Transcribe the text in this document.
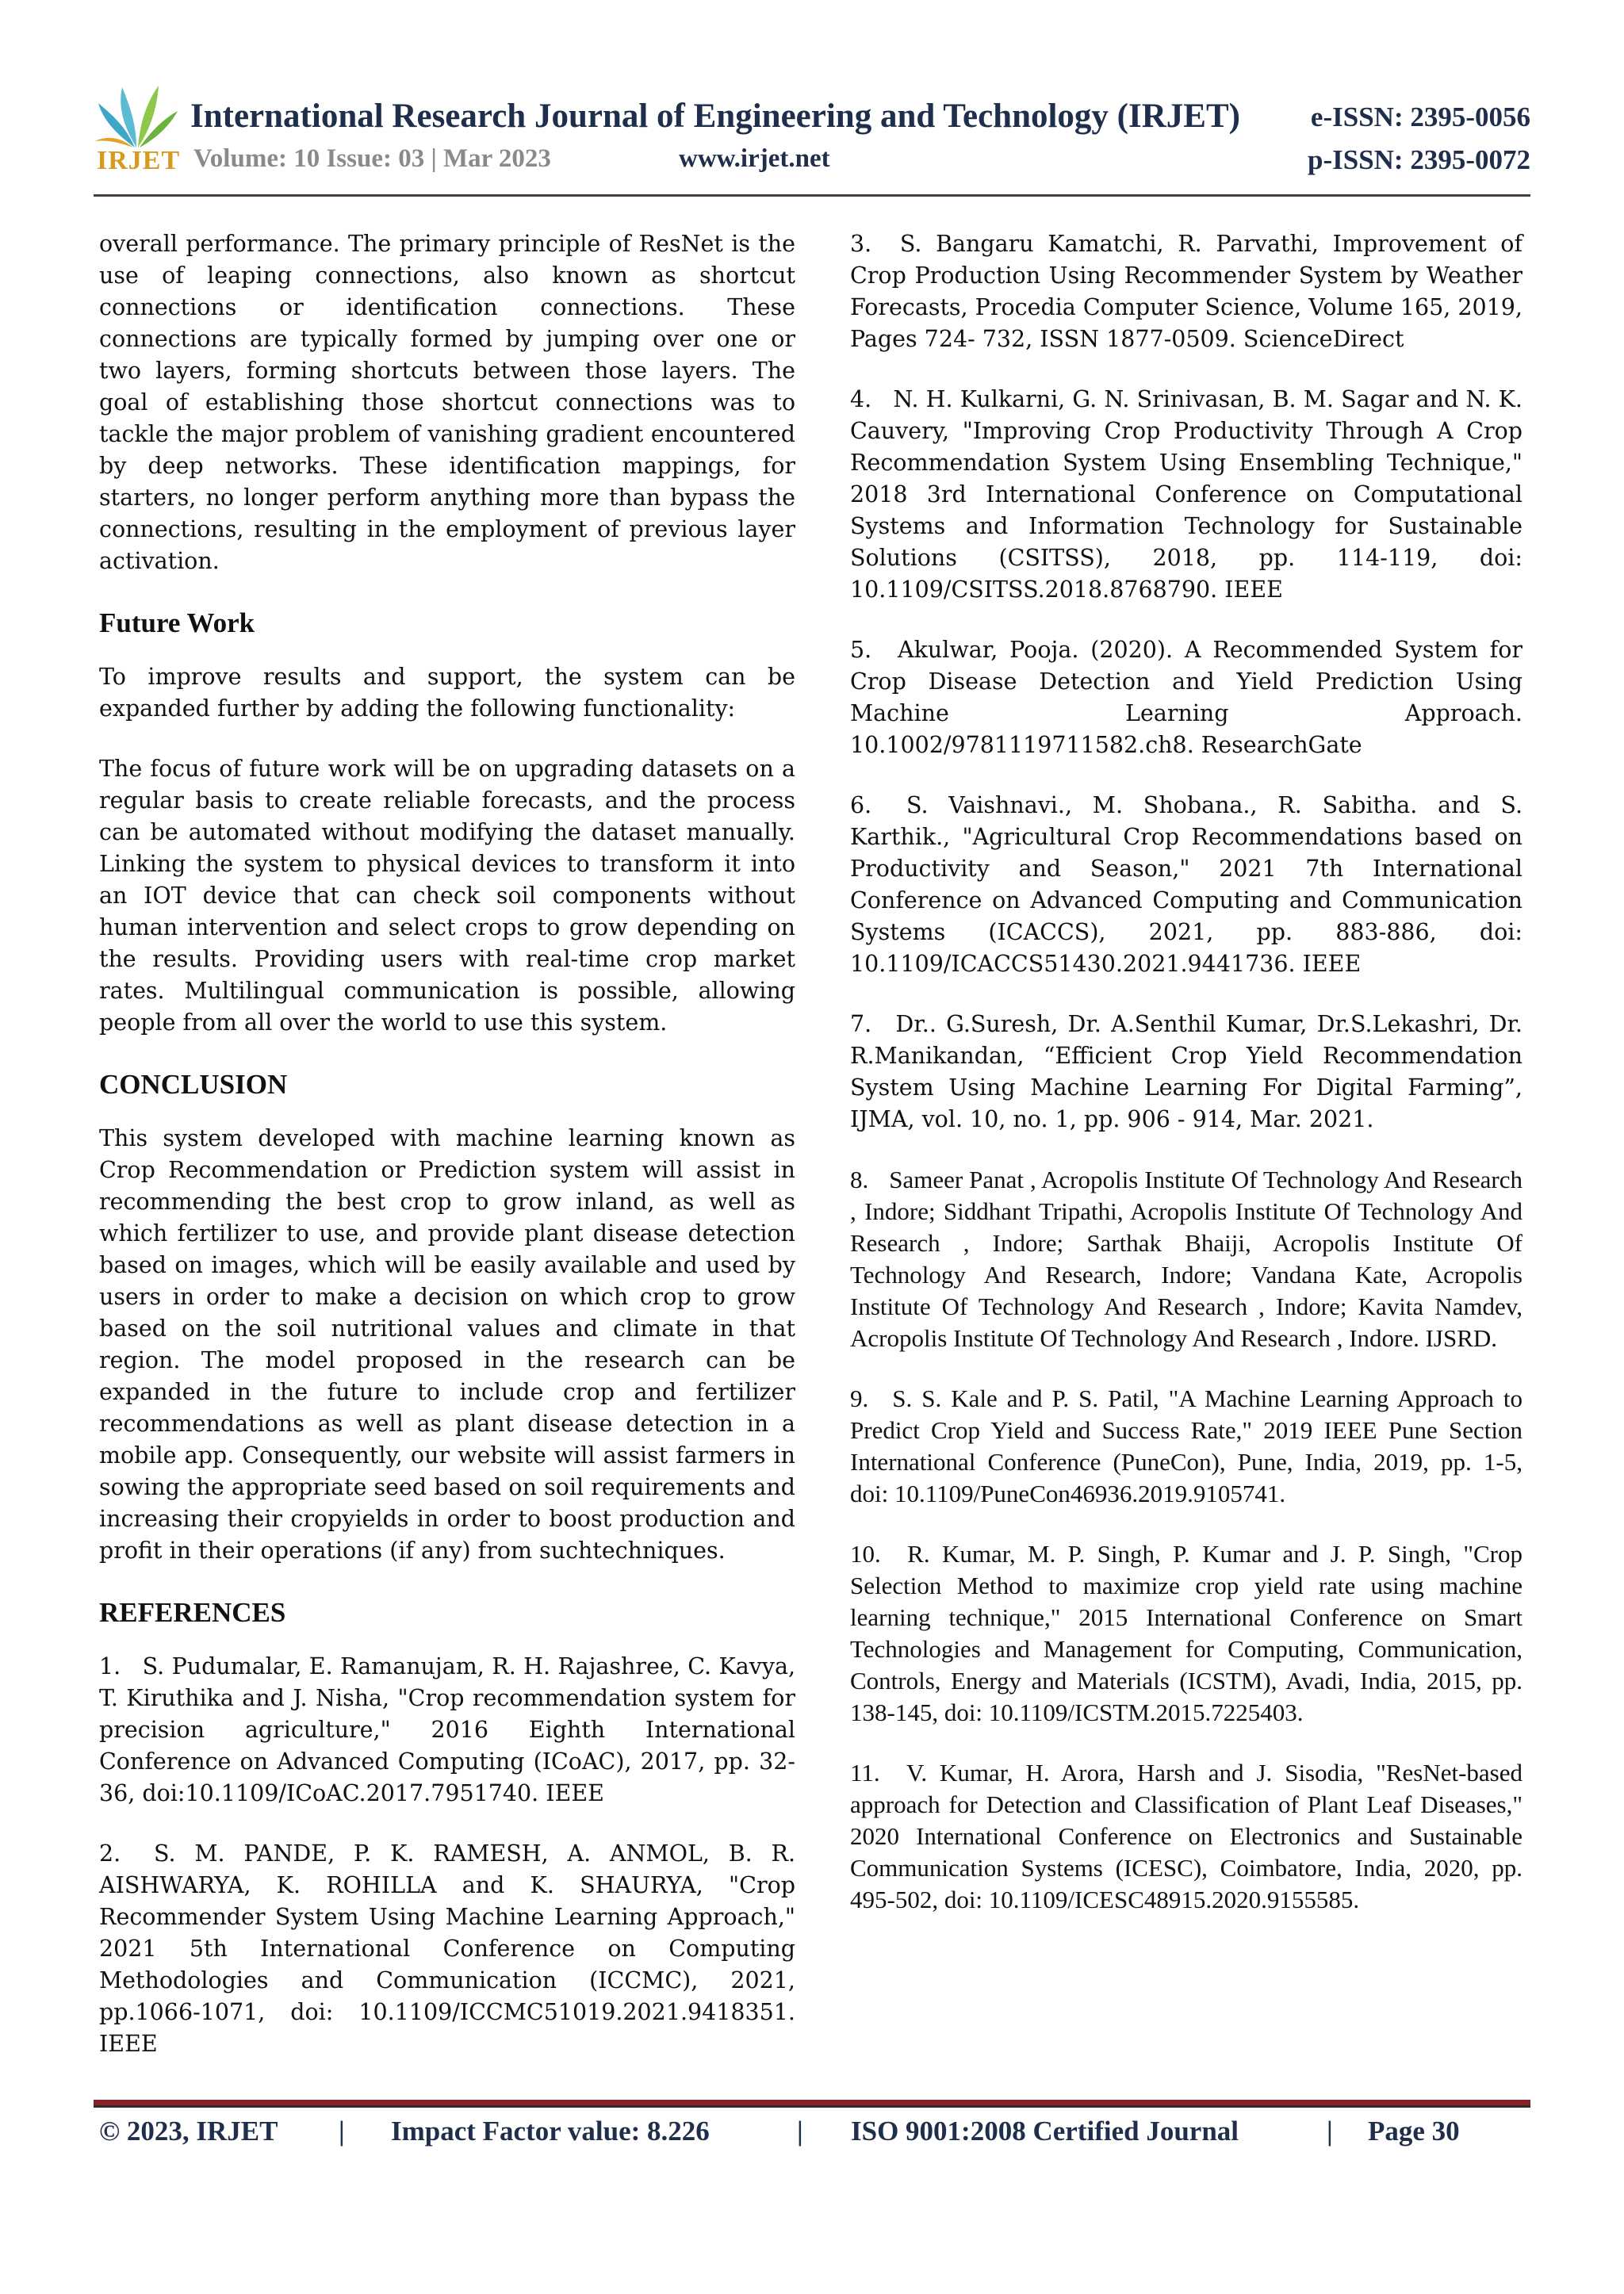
IRJET
International Research Journal of Engineering and Technology (IRJET)
Volume: 10 Issue: 03 | Mar 2023	www.irjet.net
e-ISSN: 2395-0056
p-ISSN: 2395-0072

overall performance. The primary principle of ResNet is the use of leaping connections, also known as shortcut connections or identification connections. These connections are typically formed by jumping over one or two layers, forming shortcuts between those layers. The goal of establishing those shortcut connections was to tackle the major problem of vanishing gradient encountered by deep networks. These identification mappings, for starters, no longer perform anything more than bypass the connections, resulting in the employment of previous layer activation.

Future Work

To improve results and support, the system can be expanded further by adding the following functionality:

The focus of future work will be on upgrading datasets on a regular basis to create reliable forecasts, and the process can be automated without modifying the dataset manually. Linking the system to physical devices to transform it into an IOT device that can check soil components without human intervention and select crops to grow depending on the results. Providing users with real-time crop market rates. Multilingual communication is possible, allowing people from all over the world to use this system.

CONCLUSION

This system developed with machine learning known as Crop Recommendation or Prediction system will assist in recommending the best crop to grow inland, as well as which fertilizer to use, and provide plant disease detection based on images, which will be easily available and used by users in order to make a decision on which crop to grow based on the soil nutritional values and climate in that region. The model proposed in the research can be expanded in the future to include crop and fertilizer recommendations as well as plant disease detection in a mobile app. Consequently, our website will assist farmers in sowing the appropriate seed based on soil requirements and increasing their cropyields in order to boost production and profit in their operations (if any) from suchtechniques.

REFERENCES
1. S. Pudumalar, E. Ramanujam, R. H. Rajashree, C. Kavya, T. Kiruthika and J. Nisha, "Crop recommendation system for precision agriculture," 2016 Eighth International Conference on Advanced Computing (ICoAC), 2017, pp. 32-36, doi:10.1109/ICoAC.2017.7951740. IEEE
2. S. M. PANDE, P. K. RAMESH, A. ANMOL, B. R. AISHWARYA, K. ROHILLA and K. SHAURYA, "Crop Recommender System Using Machine Learning Approach," 2021 5th International Conference on Computing Methodologies and Communication (ICCMC), 2021, pp.1066-1071, doi: 10.1109/ICCMC51019.2021.9418351. IEEE
3. S. Bangaru Kamatchi, R. Parvathi, Improvement of Crop Production Using Recommender System by Weather Forecasts, Procedia Computer Science, Volume 165, 2019, Pages 724- 732, ISSN 1877-0509. ScienceDirect
4. N. H. Kulkarni, G. N. Srinivasan, B. M. Sagar and N. K. Cauvery, "Improving Crop Productivity Through A Crop Recommendation System Using Ensembling Technique," 2018 3rd International Conference on Computational Systems and Information Technology for Sustainable Solutions (CSITSS), 2018, pp. 114-119, doi: 10.1109/CSITSS.2018.8768790. IEEE
5. Akulwar, Pooja. (2020). A Recommended System for Crop Disease Detection and Yield Prediction Using Machine Learning Approach. 10.1002/9781119711582.ch8. ResearchGate
6. S. Vaishnavi., M. Shobana., R. Sabitha. and S. Karthik., "Agricultural Crop Recommendations based on Productivity and Season," 2021 7th International Conference on Advanced Computing and Communication Systems (ICACCS), 2021, pp. 883-886, doi: 10.1109/ICACCS51430.2021.9441736. IEEE
7. Dr.. G.Suresh, Dr. A.Senthil Kumar, Dr.S.Lekashri, Dr. R.Manikandan, “Efficient Crop Yield Recommendation System Using Machine Learning For Digital Farming”, IJMA, vol. 10, no. 1, pp. 906 - 914, Mar. 2021.
8. Sameer Panat , Acropolis Institute Of Technology And Research , Indore; Siddhant Tripathi, Acropolis Institute Of Technology And Research , Indore; Sarthak Bhaiji, Acropolis Institute Of Technology And Research, Indore; Vandana Kate, Acropolis Institute Of Technology And Research , Indore; Kavita Namdev, Acropolis Institute Of Technology And Research , Indore. IJSRD.
9. S. S. Kale and P. S. Patil, "A Machine Learning Approach to Predict Crop Yield and Success Rate," 2019 IEEE Pune Section International Conference (PuneCon), Pune, India, 2019, pp. 1-5, doi: 10.1109/PuneCon46936.2019.9105741.
10. R. Kumar, M. P. Singh, P. Kumar and J. P. Singh, "Crop Selection Method to maximize crop yield rate using machine learning technique," 2015 International Conference on Smart Technologies and Management for Computing, Communication, Controls, Energy and Materials (ICSTM), Avadi, India, 2015, pp. 138-145, doi: 10.1109/ICSTM.2015.7225403.
11. V. Kumar, H. Arora, Harsh and J. Sisodia, "ResNet-based approach for Detection and Classification of Plant Leaf Diseases," 2020 International Conference on Electronics and Sustainable Communication Systems (ICESC), Coimbatore, India, 2020, pp. 495-502, doi: 10.1109/ICESC48915.2020.9155585.
© 2023, IRJET | Impact Factor value: 8.226	| ISO 9001:2008 Certified Journal	| Page 30
